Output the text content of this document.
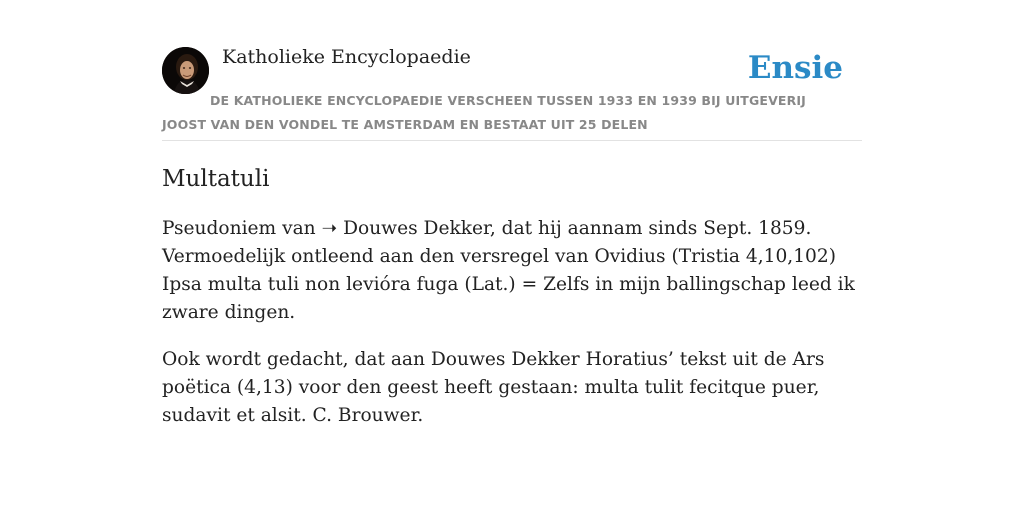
Katholieke Encyclopaedie	Ensie

DE KATHOLIEKE ENCYCLOPAEDIE VERSCHEEN TUSSEN 1933 EN 1939 BIJ UITGEVERIJ JOOST VAN DEN VONDEL TE AMSTERDAM EN BESTAAT UIT 25 DELEN

Multatuli

Pseudoniem van ➝ Douwes Dekker, dat hij aannam sinds Sept. 1859. Vermoedelijk ontleend aan den versregel van Ovidius (Tristia 4,10,102) Ipsa multa tuli non levióra fuga (Lat.) = Zelfs in mijn ballingschap leed ik zware dingen.

Ook wordt gedacht, dat aan Douwes Dekker Horatius’ tekst uit de Ars poëtica (4,13) voor den geest heeft gestaan: multa tulit fecitque puer, sudavit et alsit. C. Brouwer.
